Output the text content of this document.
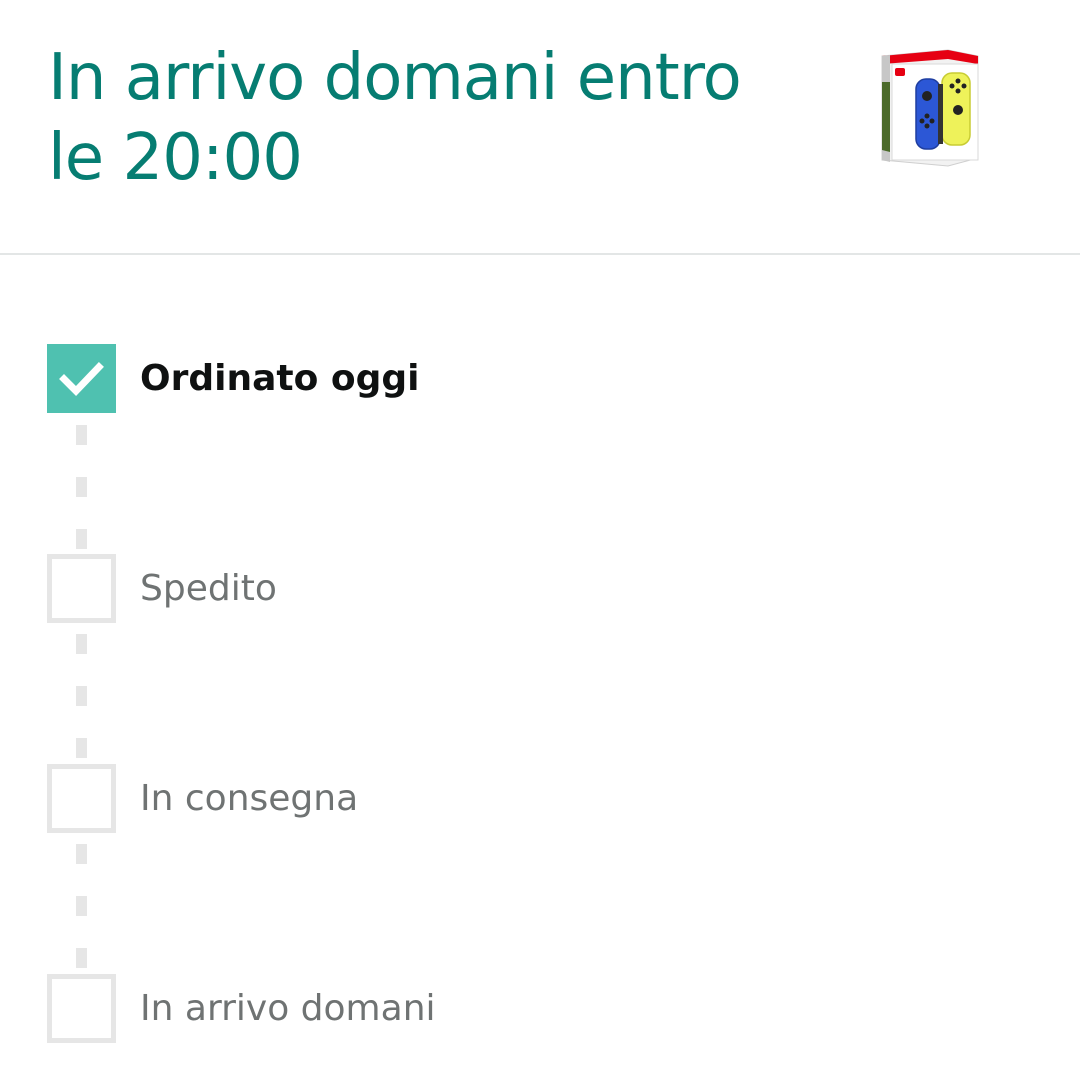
In arrivo domani entro le 20:00
Ordinato oggi
Spedito
In consegna
In arrivo domani
